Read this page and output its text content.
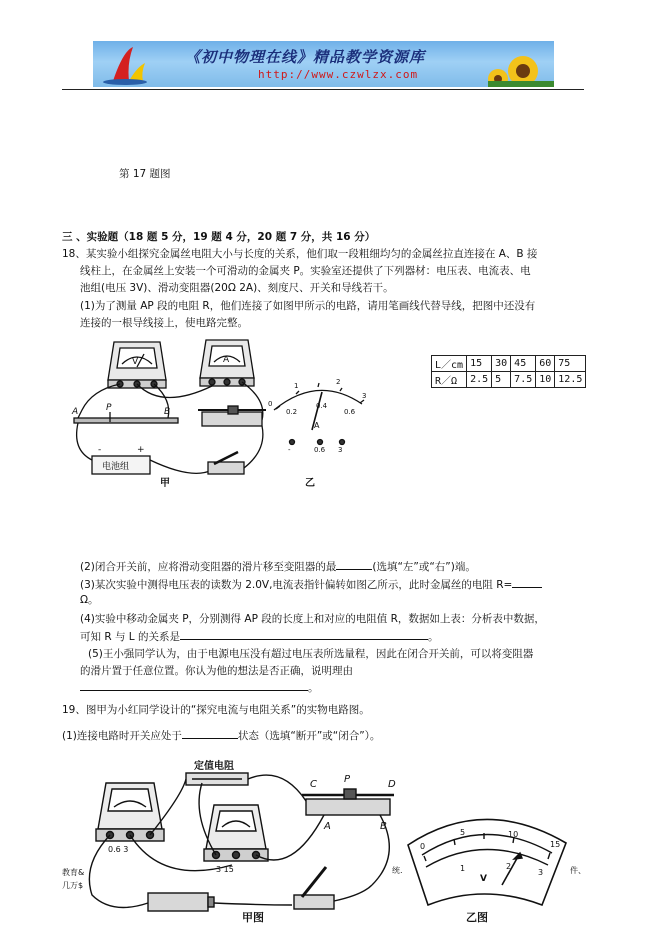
《初中物理在线》精品教学资源库
http://www.czwlzx.com
第 17 题图
三 、实验题（18 题 5 分，19 题 4 分，20 题 7 分，共 16 分）
18、某实验小组探究金属丝电阻大小与长度的关系，他们取一段粗细均匀的金属丝拉直连接在 A、B 接
线柱上，在金属丝上安装一个可滑动的金属夹 P。实验室还提供了下列器材：电压表、电流表、电
池组(电压 3V)、滑动变阻器(20Ω 2A)、刻度尺、开关和导线若干。
(1)为了测量 AP 段的电阻 R，他们连接了如图甲所示的电路，请用笔画线代替导线，把图中还没有
连接的一根导线接上，使电路完整。
V	A
A	P	B
电池组
-	+
甲
0
1	2
3
0.2
0.4
0.6
A
-	0.6 3
乙
L／cm	15	30	45	60	75
R／Ω	2.5	5	7.5	10	12.5
(2)闭合开关前，应将滑动变阻器的滑片移至变阻器的最	(选填“左”或“右”)端。
(3)某次实验中测得电压表的读数为 2.0V,电流表指针偏转如图乙所示，此时金属丝的电阻 R=
Ω。
(4)实验中移动金属夹 P，分别测得 AP 段的长度上和对应的电阻值 R，数据如上表：分析表中数据，
可知 R 与 L 的关系是	。
(5)王小强同学认为，由于电源电压没有超过电压表所选量程，因此在闭合开关前，可以将变阻器
的滑片置于任意位置。你认为他的想法是否正确，说明理由
。
19、图甲为小红同学设计的“探究电流与电阻关系”的实物电路图。
(1)连接电路时开关应处于	状态（选填“断开”或“闭合”）。
定值电阻
0.6 3
3 15
C	P	D
A	B
甲图
教育&
几万$
统.	件、
0
5	10
15
1	2
3
V
乙图
